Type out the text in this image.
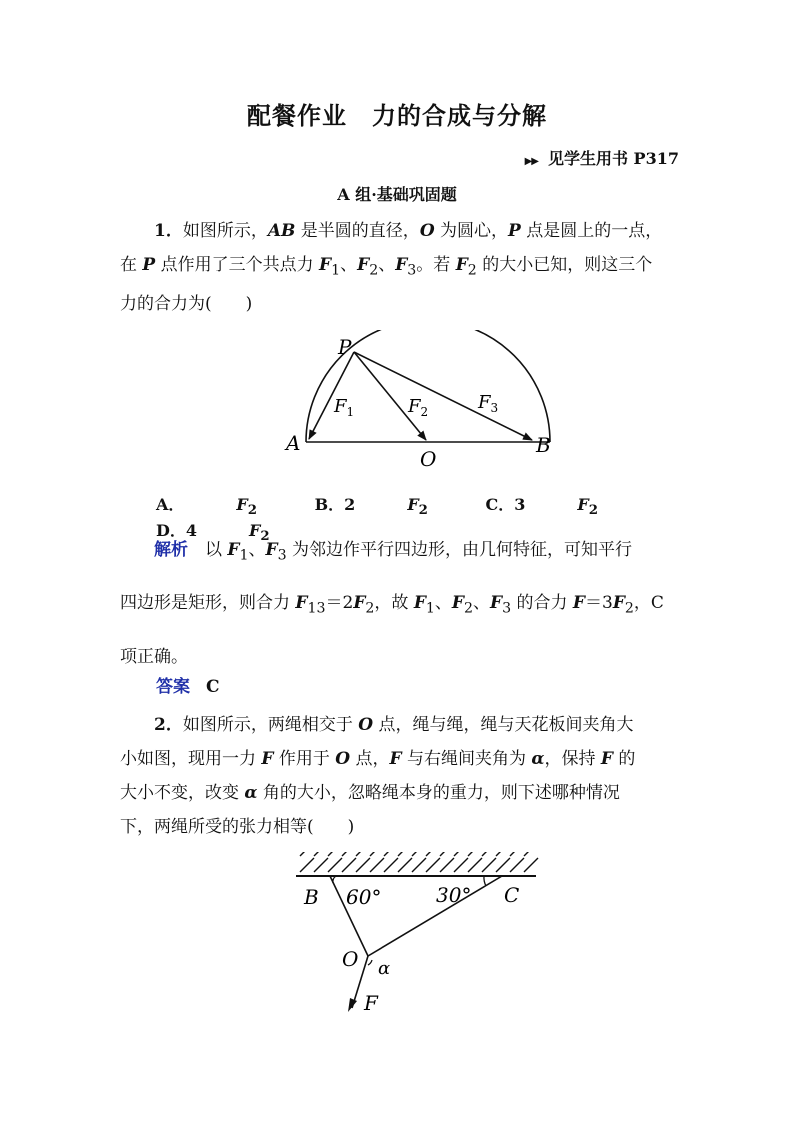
配餐作业　力的合成与分解
▶▶ 见学生用书 P317
A 组·基础巩固题
1．如图所示，AB 是半圆的直径，O 为圆心，P 点是圆上的一点，
在 P 点作用了三个共点力 $F_1$、$F_2$、$F_3$。若 $F_2$ 的大小已知，则这三个
力的合力为(　　)
P
A
O
B
$F_1$	$F_2$	$F_3$
A．	$F_2$	B．2	$F_2$	C．3	$F_2$ D．4	$F_2$
解析　 以 $F_1$、$F_3$ 为邻边作平行四边形，由几何特征，可知平行
四边形是矩形，则合力 $F_{13}=2F_2$，故 $F_1$、$F_2$、$F_3$ 的合力 $F=3F_2$，C
项正确。
答案 C
2．如图所示，两绳相交于 O 点，绳与绳，绳与天花板间夹角大
小如图，现用一力 F 作用于 O 点，F 与右绳间夹角为 α，保持 F 的
大小不变，改变 α 角的大小，忽略绳本身的重力，则下述哪种情况
下，两绳所受的张力相等(　　)
B 60°	30° C
O α
F
